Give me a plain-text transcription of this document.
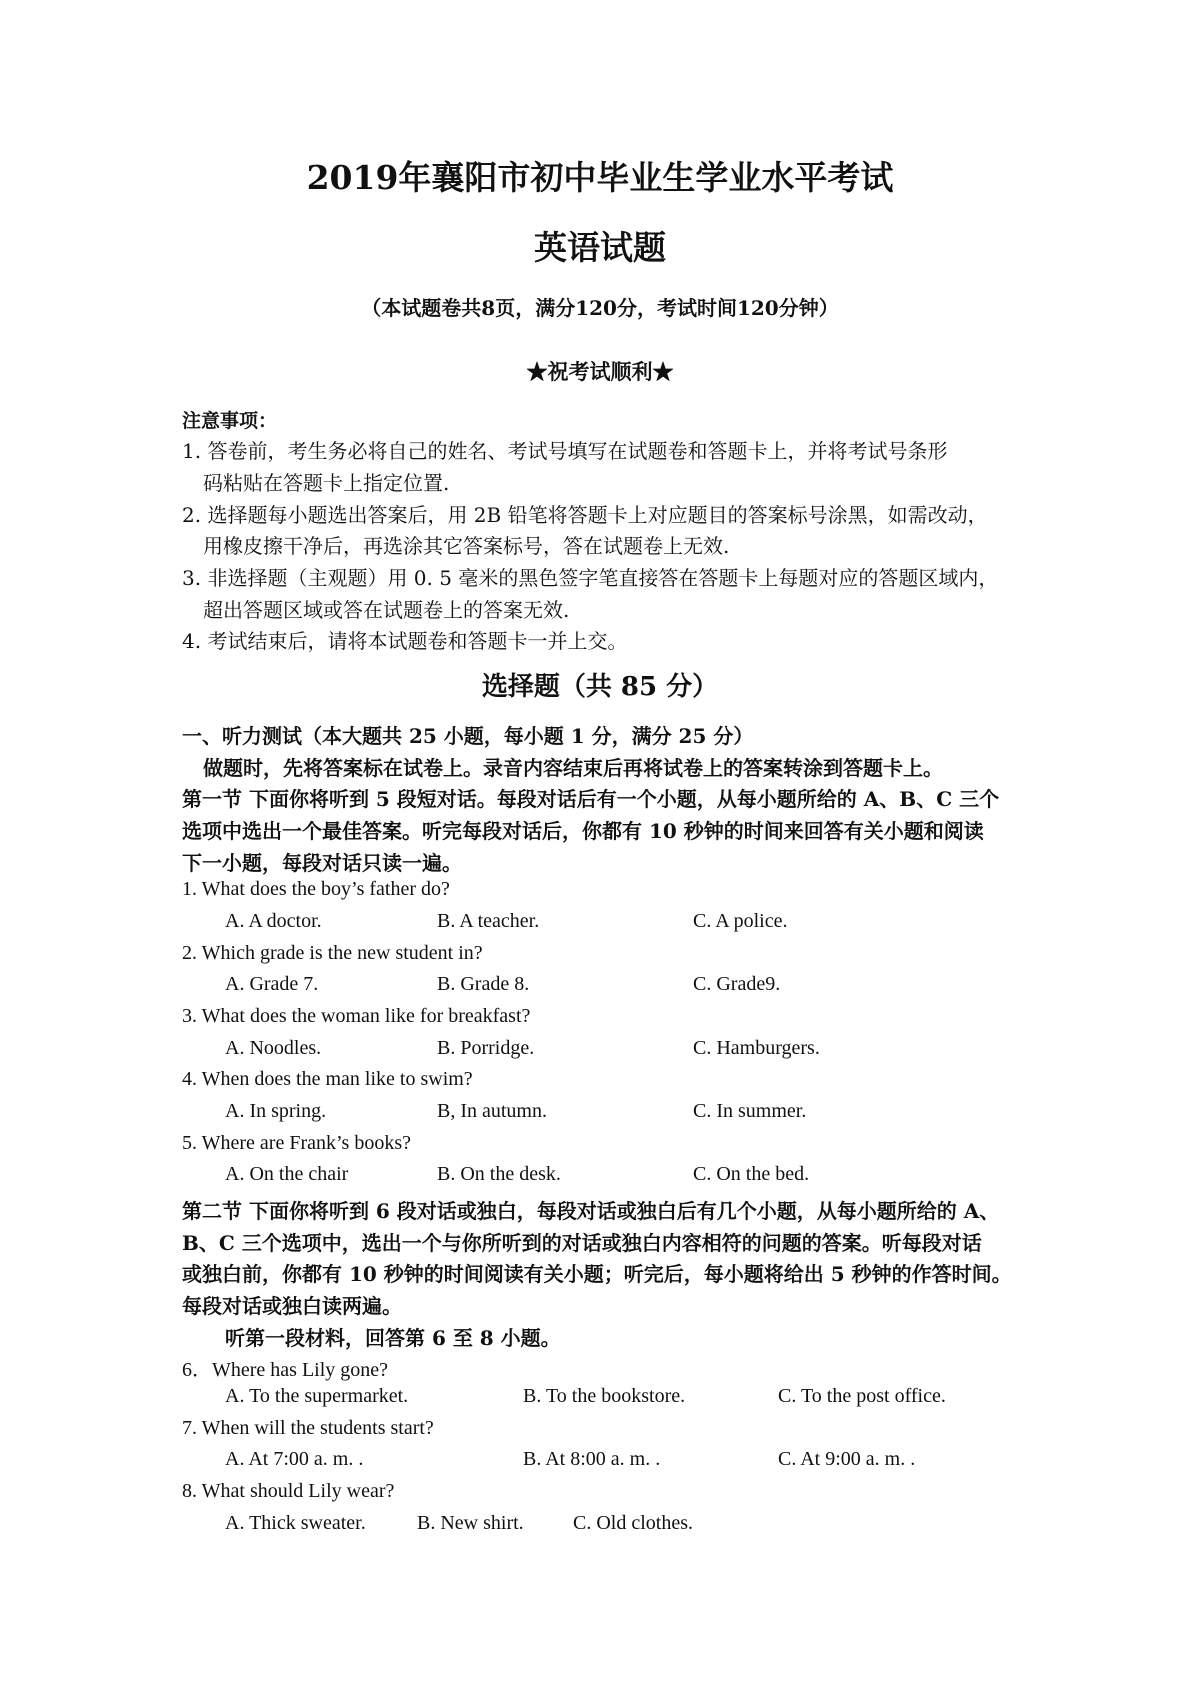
2019年襄阳市初中毕业生学业水平考试
英语试题
（本试题卷共8页，满分120分，考试时间120分钟）
★祝考试顺利★
注意事项：
1. 答卷前，考生务必将自己的姓名、考试号填写在试题卷和答题卡上，并将考试号条形
码粘贴在答题卡上指定位置.
2. 选择题每小题选出答案后，用 2B 铅笔将答题卡上对应题目的答案标号涂黑，如需改动，
用橡皮擦干净后，再选涂其它答案标号，答在试题卷上无效.
3. 非选择题（主观题）用 0. 5 毫米的黑色签字笔直接答在答题卡上每题对应的答题区域内，
超出答题区域或答在试题卷上的答案无效.
4. 考试结束后，请将本试题卷和答题卡一并上交。
选择题（共 85 分）
一、听力测试（本大题共 25 小题，每小题 1 分，满分 25 分）
做题时，先将答案标在试卷上。录音内容结束后再将试卷上的答案转涂到答题卡上。
第一节 下面你将听到 5 段短对话。每段对话后有一个小题，从每小题所给的 A、B、C 三个
选项中选出一个最佳答案。听完每段对话后，你都有 10 秒钟的时间来回答有关小题和阅读
下一小题，每段对话只读一遍。
1. What does the boy’s father do?
A. A doctor.	B. A teacher.	C. A police.
2. Which grade is the new student in?
A. Grade 7.	B. Grade 8.	C. Grade9.
3. What does the woman like for breakfast?
A. Noodles.	B. Porridge.	C. Hamburgers.
4. When does the man like to swim?
A. In spring.	B, In autumn.	C. In summer.
5. Where are Frank’s books?
A. On the chair	B. On the desk.	C. On the bed.
第二节 下面你将听到 6 段对话或独白，每段对话或独白后有几个小题，从每小题所给的 A、
B、C 三个选项中，选出一个与你所听到的对话或独白内容相符的问题的答案。听每段对话
或独白前，你都有 10 秒钟的时间阅读有关小题；听完后，每小题将给出 5 秒钟的作答时间。
每段对话或独白读两遍。
听第一段材料，回答第 6 至 8 小题。
6．Where has Lily gone?
A. To the supermarket.	B. To the bookstore.	C. To the post office.
7. When will the students start?
A. At 7:00 a. m. .	B. At 8:00 a. m. .	C. At 9:00 a. m. .
8. What should Lily wear?
A. Thick sweater.	B. New shirt. C. Old clothes.
